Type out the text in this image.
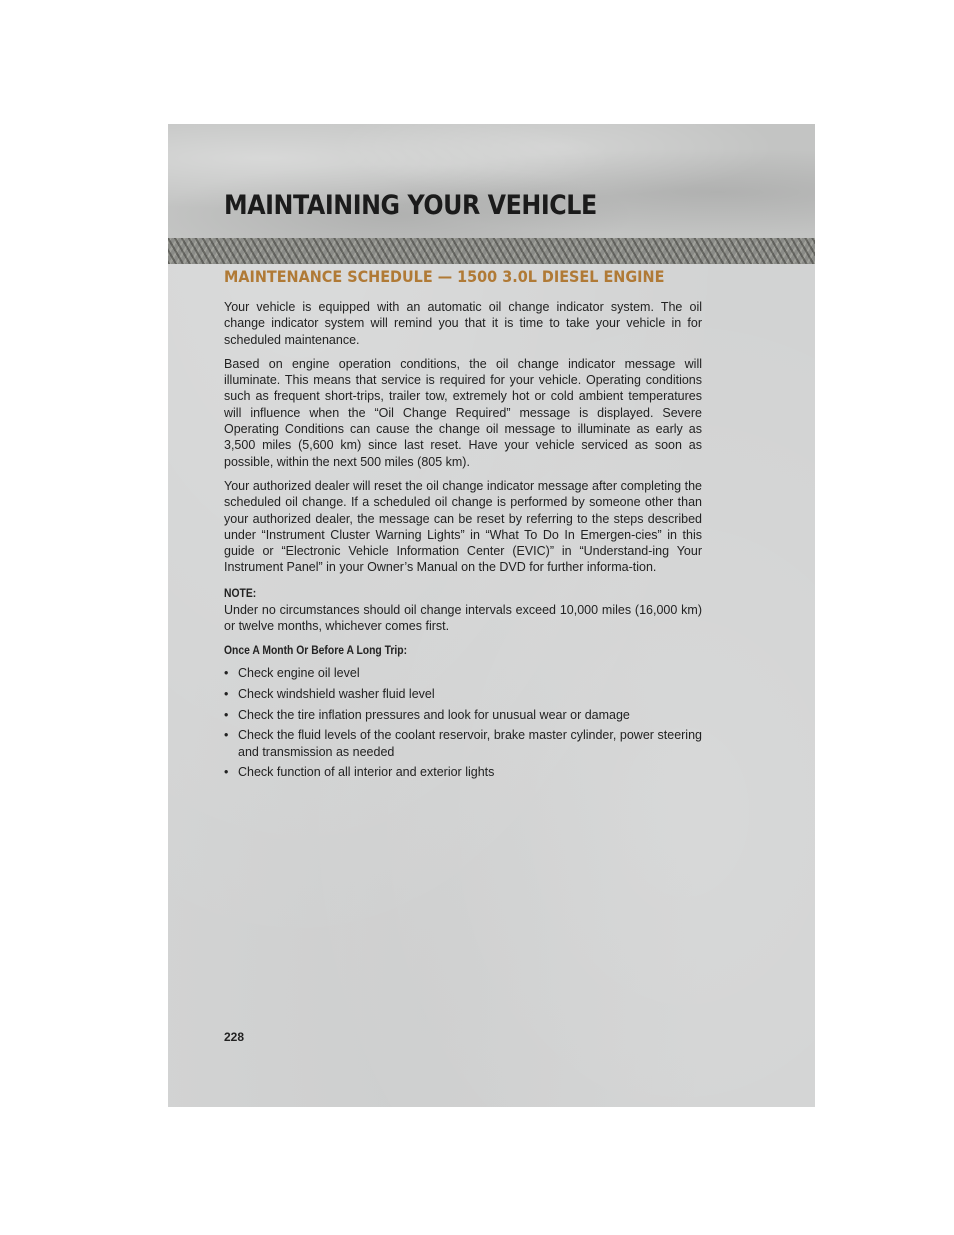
MAINTAINING YOUR VEHICLE
MAINTENANCE SCHEDULE — 1500 3.0L DIESEL ENGINE

Your vehicle is equipped with an automatic oil change indicator system. The oil change indicator system will remind you that it is time to take your vehicle in for scheduled maintenance.

Based on engine operation conditions, the oil change indicator message will illuminate. This means that service is required for your vehicle. Operating conditions such as frequent short-trips, trailer tow, extremely hot or cold ambient temperatures will influence when the “Oil Change Required” message is displayed. Severe Operating Conditions can cause the change oil message to illuminate as early as 3,500 miles (5,600 km) since last reset. Have your vehicle serviced as soon as possible, within the next 500 miles (805 km).

Your authorized dealer will reset the oil change indicator message after completing the scheduled oil change. If a scheduled oil change is performed by someone other than your authorized dealer, the message can be reset by referring to the steps described under “Instrument Cluster Warning Lights” in “What To Do In Emergen-cies” in this guide or “Electronic Vehicle Information Center (EVIC)” in “Understand-ing Your Instrument Panel” in your Owner’s Manual on the DVD for further informa-tion.

NOTE:

Under no circumstances should oil change intervals exceed 10,000 miles (16,000 km) or twelve months, whichever comes first.

Once A Month Or Before A Long Trip:

• Check engine oil level
• Check windshield washer fluid level
• Check the tire inflation pressures and look for unusual wear or damage
• Check the fluid levels of the coolant reservoir, brake master cylinder, power steering and transmission as needed
• Check function of all interior and exterior lights

228
